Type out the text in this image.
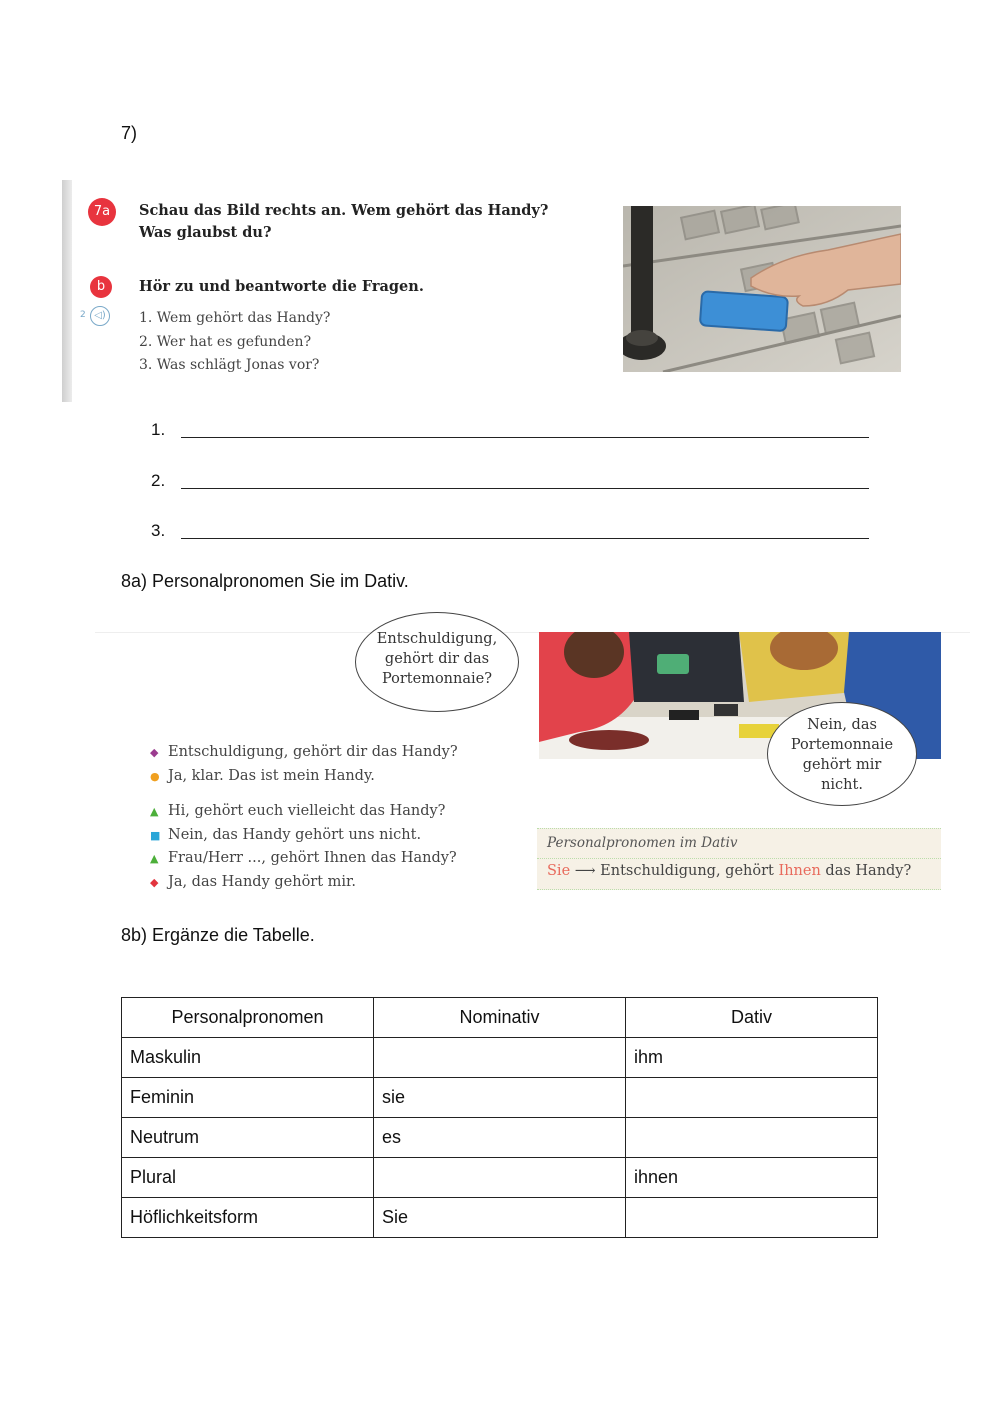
7)
7a	Schau das Bild rechts an. Wem gehört das Handy?
Was glaubst du?
b	Hör zu und beantworte die Fragen.
2 ◁)	1. Wem gehört das Handy?
2. Wer hat es gefunden?
3. Was schlägt Jonas vor?
1.
2.
3.
8a) Personalpronomen Sie im Dativ.
Entschuldigung,
gehört dir das
Portemonnaie?
Nein, das
Portemonnaie
gehört mir
nicht.
◆ Entschuldigung, gehört dir das Handy?
● Ja, klar. Das ist mein Handy.
▲ Hi, gehört euch vielleicht das Handy?
■ Nein, das Handy gehört uns nicht.
▲ Frau/Herr ..., gehört Ihnen das Handy?
◆ Ja, das Handy gehört mir.
Personalpronomen im Dativ
Sie ⟶ Entschuldigung, gehört Ihnen das Handy?
8b) Ergänze die Tabelle.
Personalpronomen	Nominativ	Dativ
Maskulin		ihm
Feminin	sie	
Neutrum	es	
Plural		ihnen
Höflichkeitsform	Sie	
